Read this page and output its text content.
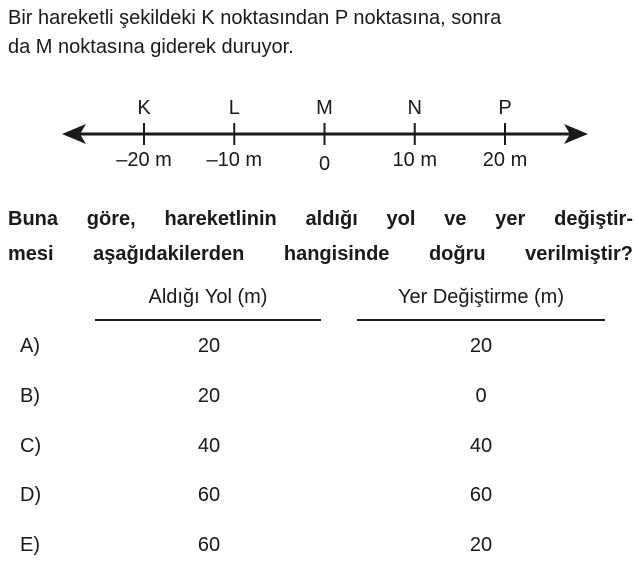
Bir hareketli şekildeki K noktasından P noktasına, sonra

da M noktasına giderek duruyor.

K
–20 m
L
–10 m
M
0
N
10 m
P
20 m

Buna göre, hareketlinin aldığı yol ve yer değiştir-

mesi aşağıdakilerden hangisinde doğru verilmiştir?

Aldığı Yol (m)	Yer Değiştirme (m)
A)	20	20
B)	20	0
C)	40	40
D)	60	60
E)	60	20
